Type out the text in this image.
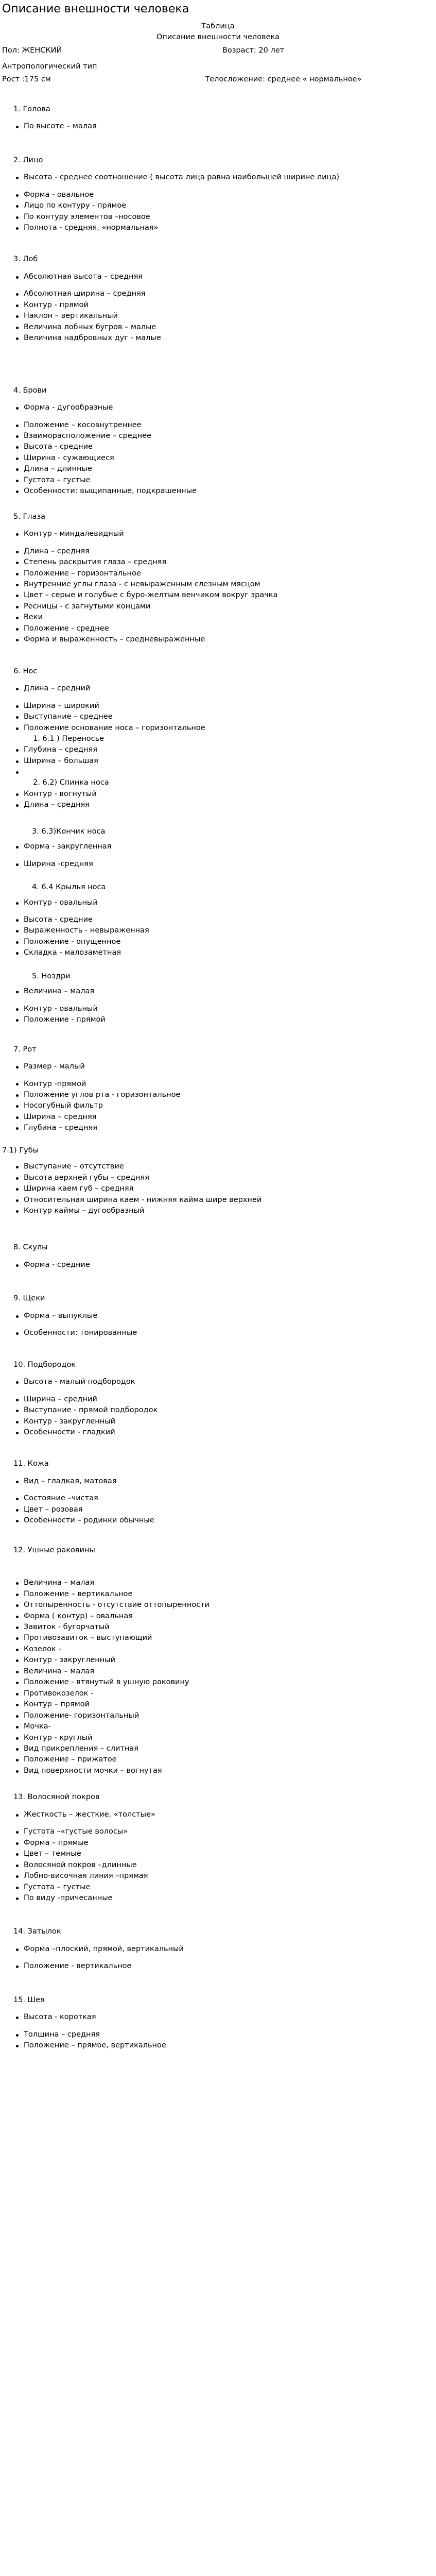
Описание внешности человека
Таблица
Описание внешности человека
Пол: ЖЕНСКИЙ	Возраст: 20 лет
Антропологический тип
Рост :175 см	Телосложение: среднее « нормальное»
1. Голова
По высоте – малая
2. Лицо
Высота - среднее соотношение ( высота лица равна наибольшей ширине лица)
Форма - овальное
Лицо по контуру - прямое
По контуру элементов –носовое
Полнота - средняя, «нормальная»
3. Лоб
Абсолютная высота – средняя
Абсолютная ширина – средняя
Контур - прямой
Наклон – вертикальный
Величина лобных бугров – малые
Величина надбровных дуг - малые
4. Брови
Форма - дугообразные
Положение – косовнутреннее
Взаиморасположение – среднее
Высота - средние
Ширина - сужающиеся
Длина – длинные
Густота – густые
Особенности: выщипанные, подкрашенные
5. Глаза
Контур - миндалевидный
Длина – средняя
Степень раскрытия глаза – средняя
Положение – горизонтальное
Внутренние углы глаза - с невыраженным слезным мясцом
Цвет – серые и голубые с буро-желтым венчиком вокруг зрачка
Ресницы - с загнутыми концами
Веки
Положение - среднее
Форма и выраженность – средневыраженные
6. Нос
Длина – средний
Ширина – широкий
Выступание – среднее
Положение основание носа – горизонтальное
1. 6.1 ) Переносье
Глубина – средняя
Ширина – большая
2. 6.2) Спинка носа
Контур - вогнутый
Длина – средняя
3. 6.3)Кончик носа
Форма - закругленная
Ширина -средняя
4. 6.4 Крылья носа
Контур - овальный
Высота - средние
Выраженность - невыраженная
Положение - опущенное
Складка - малозаметная
5. Ноздри
Величина – малая
Контур - овальный
Положение - прямой
7. Рот
Размер - малый
Контур -прямой
Положение углов рта - горизонтальное
Носогубный фильтр
Ширина – средняя
Глубина – средняя
7.1) Губы
Выступание – отсутствие
Высота верхней губы – средняя
Ширина каем губ – средняя
Относительная ширина каем - нижняя кайма шире верхней
Контур каймы – дугообразный
8. Скулы
Форма - средние
9. Щеки
Форма – выпуклые
Особенности: тонированные
10. Подбородок
Высота - малый подбородок
Ширина – средний
Выступание - прямой подбородок
Контур - закругленный
Особенности - гладкий
11. Кожа
Вид – гладкая, матовая
Состояние –чистая
Цвет – розовая
Особенности – родинки обычные
12. Ушные раковины
Величина – малая
Положение – вертикальное
Оттопыренность - отсутствие оттопыренности
Форма ( контур) – овальная
Завиток - бугорчатый
Противозавиток – выступающий
Козелок -
Контур - закругленный
Величина – малая
Положение - втянутый в ушную раковину
Противокозелок -
Контур – прямой
Положение- горизонтальный
Мочка-
Контур - круглый
Вид прикрепления – слитная
Положение – прижатое
Вид поверхности мочки – вогнутая
13. Волосяной покров
Жесткость – жесткие, «толстые»
Густота –«густые волосы»
Форма – прямые
Цвет – темные
Волосяной покров –длинные
Лобно-височная линия –прямая
Густота – густые
По виду -причесанные
14. Затылок
Форма –плоский, прямой, вертикальный
Положение - вертикальное
15. Шея
Высота - короткая
Толщина – средняя
Положение – прямое, вертикальное
